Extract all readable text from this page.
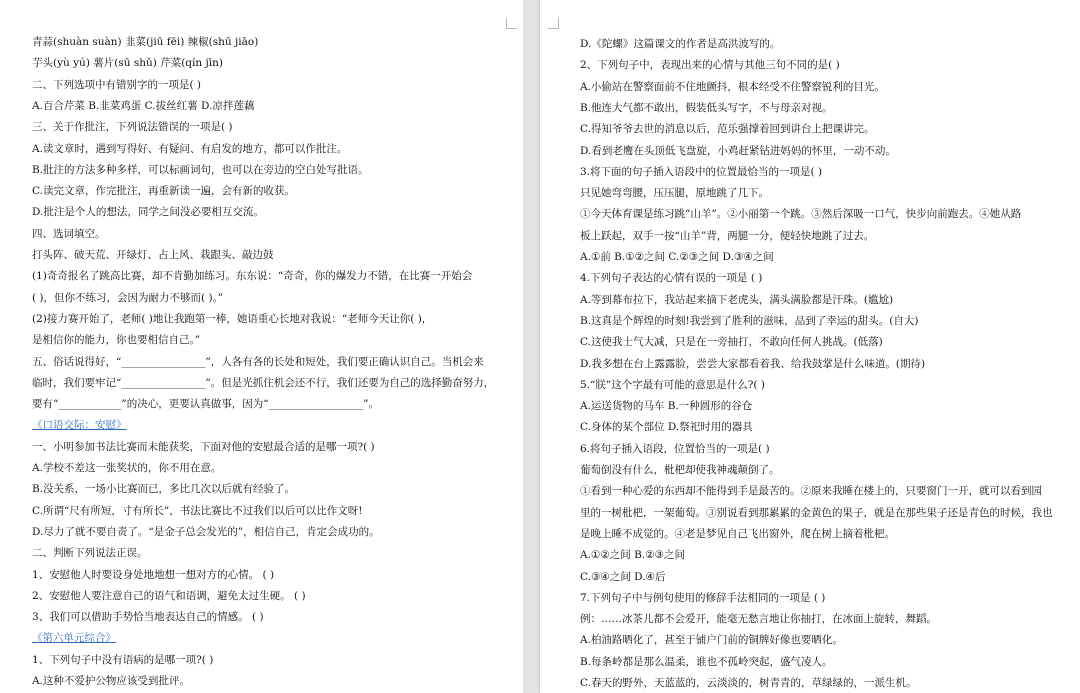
青蒜(shuàn suàn) 韭菜(jiū fēi) 辣椒(shū jiāo)
芋头(yù yú) 薯片(sū shǔ) 芹菜(qín jīn)
二、下列选项中有错别字的一项是( )
A.百合芹菜 B.韭菜鸡蛋 C.拔丝红薯 D.凉拌莲藕
三、关于作批注，下列说法错误的一项是( )
A.读文章时，遇到写得好、有疑问、有启发的地方，都可以作批注。
B.批注的方法多种多样，可以标画词句，也可以在旁边的空白处写批语。
C.读完文章，作完批注，再重新读一遍，会有新的收获。
D.批注是个人的想法，同学之间没必要相互交流。
四、选词填空。
打头阵、破天荒、开绿灯、占上风、栽跟头、敲边鼓
(1)奇奇报名了跳高比赛，却不肯勤加练习。东东说：“奇奇，你的爆发力不错，在比赛一开始会
( )，但你不练习，会因为耐力不够而( )。”
(2)接力赛开始了，老师( )地让我跑第一棒，她语重心长地对我说：“老师今天让你( )，
是相信你的能力，你也要相信自己。”
五、俗话说得好，“________________”，人各有各的长处和短处，我们要正确认识自己。当机会来
临时，我们要牢记“________________”。但是光抓住机会还不行，我们还要为自己的选择勤奋努力，
要有“____________”的决心，更要认真做事，因为“__________________”。
《口语交际：安慰》
一、小明参加书法比赛而未能获奖，下面对他的安慰最合适的是哪一项?( )
A.学校不差这一张奖状的，你不用在意。
B.没关系，一场小比赛而已，多比几次以后就有经验了。
C.所谓“尺有所短，寸有所长”，书法比赛比不过我们以后可以比作文呀!
D.尽力了就不要自责了。“是金子总会发光的”，相信自己，肯定会成功的。
二、判断下列说法正误。
1、安慰他人时要设身处地地想一想对方的心情。 ( )
2、安慰他人要注意自己的语气和语调，避免太过生硬。 ( )
3、我们可以借助手势恰当地表达自己的情感。 ( )
《第六单元综合》
1、下列句子中没有语病的是哪一项?( )
A.这种不爱护公物应该受到批评。
D.《陀螺》这篇课文的作者是高洪波写的。
2、下列句子中，表现出来的心情与其他三句不同的是( )
A.小偷站在警察面前不住地颤抖，根本经受不住警察锐利的目光。
B.他连大气都不敢出，假装低头写字，不与母亲对视。
C.得知爷爷去世的消息以后，范乐强撑着回到讲台上把课讲完。
D.看到老鹰在头顶低飞盘旋，小鸡赶紧钻进妈妈的怀里，一动不动。
3.将下面的句子插入语段中的位置最恰当的一项是( )
只见她弯弯腰，压压腿，原地跳了几下。
①今天体育课是练习跳“山羊”。②小丽第一个跳。③然后深吸一口气，快步向前跑去。④她从路
板上跃起，双手一按“山羊”背，两腿一分，便轻快地跳了过去。
A.①前 B.①②之间 C.②③之间 D.③④之间
4.下列句子表达的心情有误的一项是 ( )
A.等到幕布拉下，我站起来摘下老虎头，满头满脸都是汗珠。(尴尬)
B.这真是个辉煌的时刻!我尝到了胜利的滋味，品到了幸运的甜头。(自大)
C.这使我士气大减，只是在一旁抽打，不敢向任何人挑战。(低落)
D.我多想在台上露露脸，尝尝大家都看着我、给我鼓掌是什么味道。(期待)
5.“朕”这个字最有可能的意思是什么?( )
A.运送货物的马车 B.一种圆形的谷仓
C.身体的某个部位 D.祭祀时用的器具
6.将句子插入语段，位置恰当的一项是( )
葡萄倒没有什么，枇杷却使我神魂颠倒了。
①看到一种心爱的东西却不能得到手是最苦的。②原来我睡在楼上的，只要窗门一开，就可以看到园
里的一树枇杷，一架葡萄。③别说看到那累累的金黄色的果子，就是在那些果子还是青色的时候，我也
是晚上睡不成觉的。④老是梦见自己飞出窗外，爬在树上摘着枇杷。
A.①②之间 B.②③之间
C.③④之间 D.④后
7.下列句子中与例句使用的修辞手法相同的一项是 ( )
例：……冰茶儿都不会爱开，能毫无愁言地让你抽打，在冰面上旋转，舞蹈。
A.柏油路晒化了，甚至于铺户门前的铜牌好像也要晒化。
B.每条岭都是那么温柔，谁也不孤岭突起，盛气凌人。
C.春天的野外，天蓝蓝的，云淡淡的，树青青的，草绿绿的，一派生机。
